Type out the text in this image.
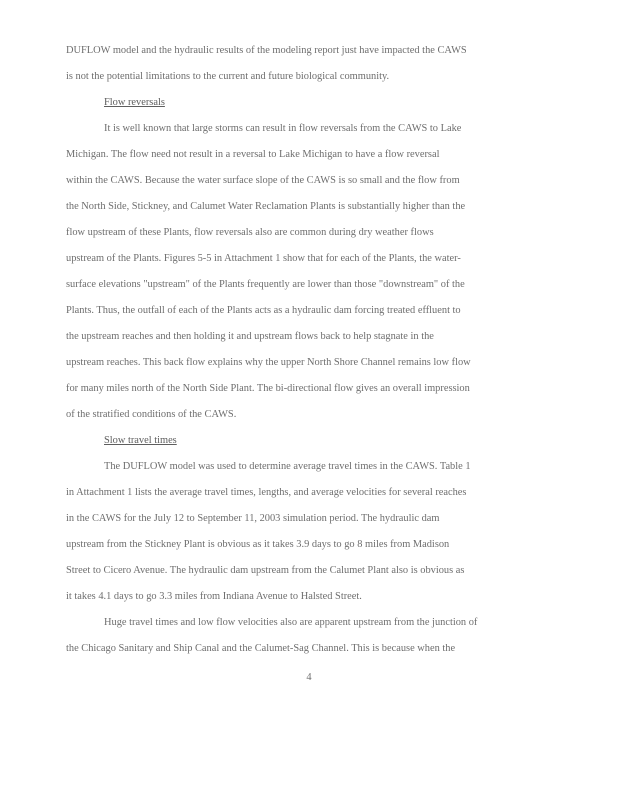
DUFLOW model and the hydraulic results of the modeling report just have impacted the CAWS
is not the potential limitations to the current and future biological community.
Flow reversals
It is well known that large storms can result in flow reversals from the CAWS to Lake
Michigan. The flow need not result in a reversal to Lake Michigan to have a flow reversal
within the CAWS. Because the water surface slope of the CAWS is so small and the flow from
the North Side, Stickney, and Calumet Water Reclamation Plants is substantially higher than the
flow upstream of these Plants, flow reversals also are common during dry weather flows
upstream of the Plants. Figures 5-5 in Attachment 1 show that for each of the Plants, the water-
surface elevations "upstream" of the Plants frequently are lower than those "downstream" of the
Plants. Thus, the outfall of each of the Plants acts as a hydraulic dam forcing treated effluent to
the upstream reaches and then holding it and upstream flows back to help stagnate in the
upstream reaches. This back flow explains why the upper North Shore Channel remains low flow
for many miles north of the North Side Plant. The bi-directional flow gives an overall impression
of the stratified conditions of the CAWS.
Slow travel times
The DUFLOW model was used to determine average travel times in the CAWS. Table 1
in Attachment 1 lists the average travel times, lengths, and average velocities for several reaches
in the CAWS for the July 12 to September 11, 2003 simulation period. The hydraulic dam
upstream from the Stickney Plant is obvious as it takes 3.9 days to go 8 miles from Madison
Street to Cicero Avenue. The hydraulic dam upstream from the Calumet Plant also is obvious as
it takes 4.1 days to go 3.3 miles from Indiana Avenue to Halsted Street.
Huge travel times and low flow velocities also are apparent upstream from the junction of
the Chicago Sanitary and Ship Canal and the Calumet-Sag Channel. This is because when the
4
